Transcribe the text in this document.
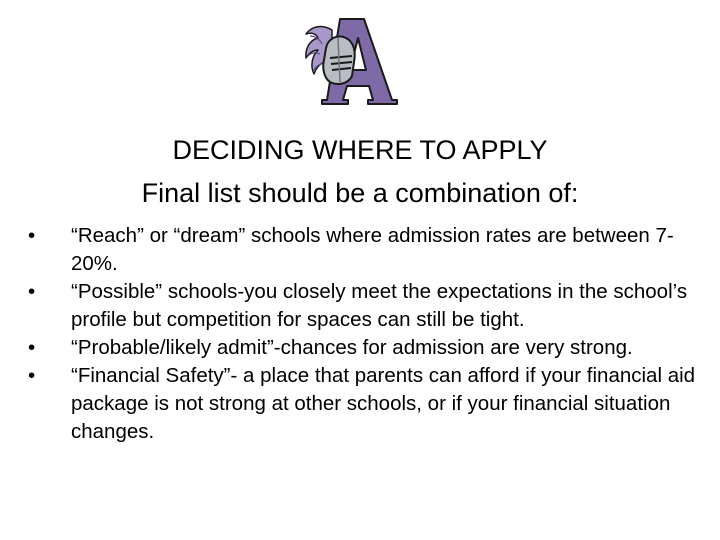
DECIDING WHERE TO APPLY
Final list should be a combination of:
• “Reach” or “dream” schools where admission rates are between 7-20%.
• “Possible” schools-you closely meet the expectations in the school’s profile but competition for spaces can still be tight.
• “Probable/likely admit”-chances for admission are very strong.
• “Financial Safety”- a place that parents can afford if your financial aid package is not strong at other schools, or if your financial situation changes.
